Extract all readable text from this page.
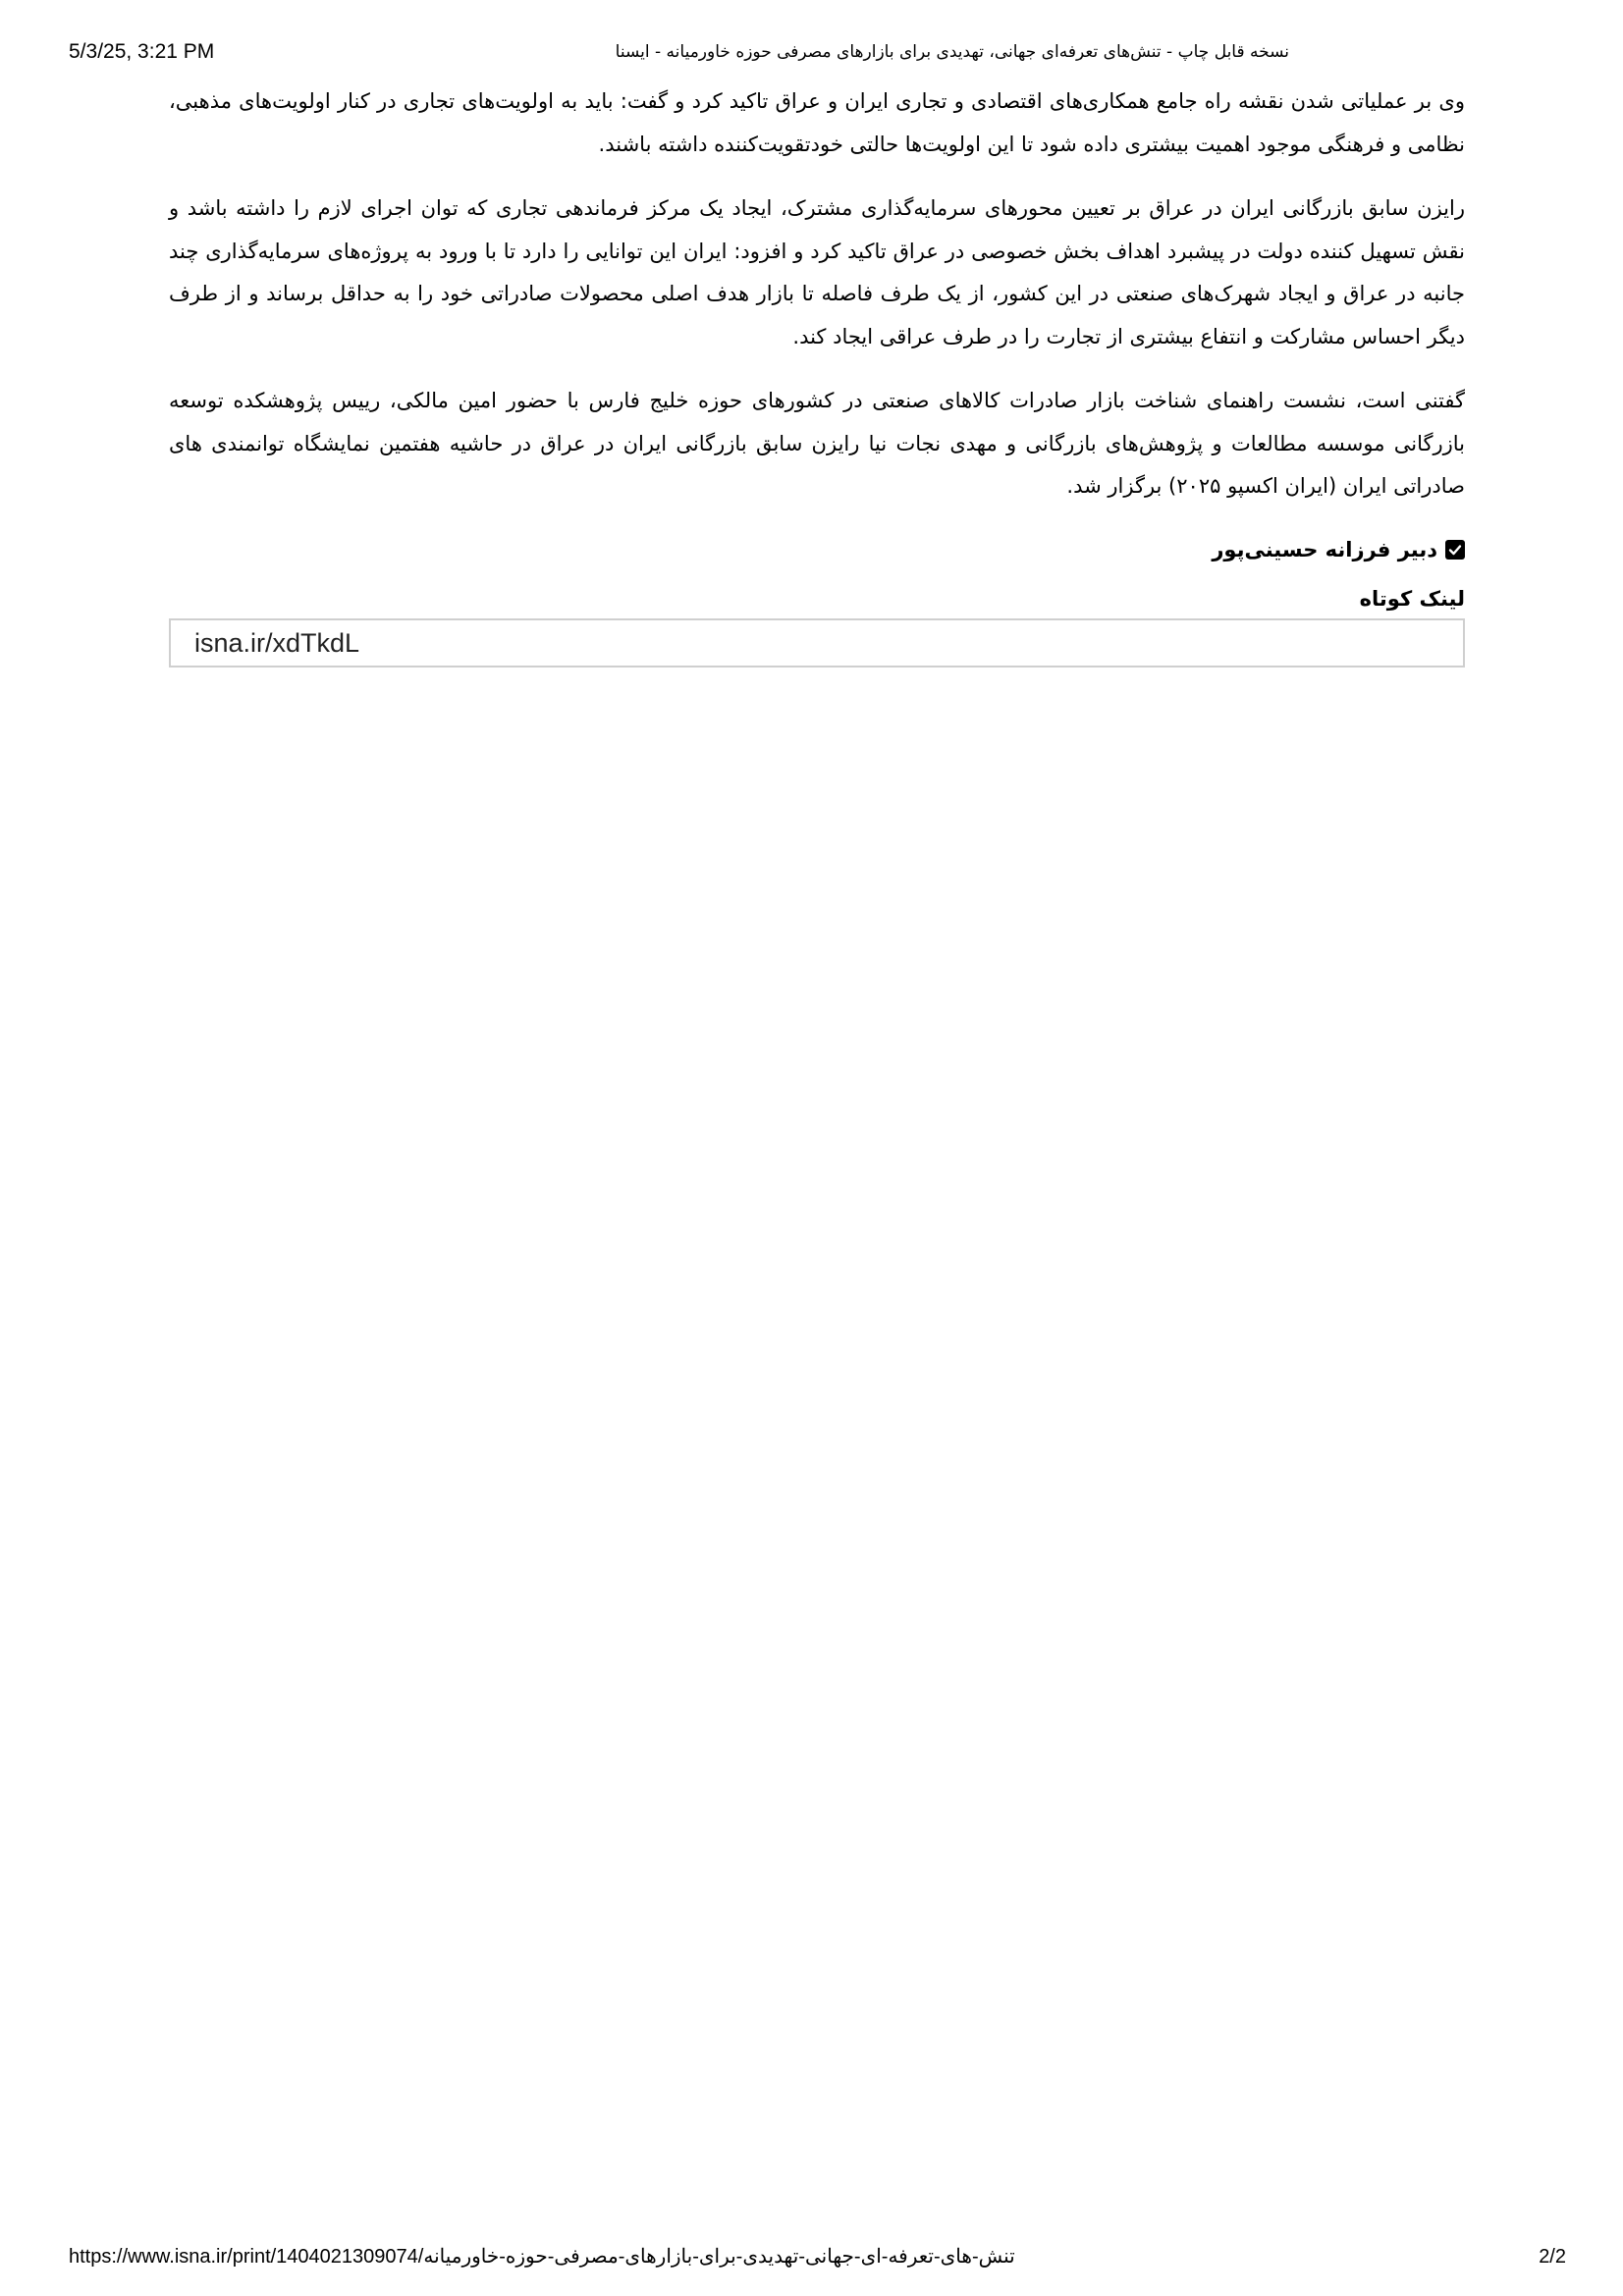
5/3/25, 3:21 PM	نسخه قابل چاپ - تنش‌های تعرفه‌ای جهانی، تهدیدی برای بازارهای مصرفی حوزه خاورمیانه - ایسنا

وی بر عملیاتی شدن نقشه راه جامع همکاری‌های اقتصادی و تجاری ایران و عراق تاکید کرد و گفت: باید به اولویت‌های تجاری در کنار اولویت‌های مذهبی، نظامی و فرهنگی موجود اهمیت بیشتری داده شود تا این اولویت‌ها حالتی خودتقویت‌کننده داشته باشند.

رایزن سابق بازرگانی ایران در عراق بر تعیین محورهای سرمایه‌گذاری مشترک، ایجاد یک مرکز فرماندهی تجاری که توان اجرای لازم را داشته باشد و نقش تسهیل کننده دولت در پیشبرد اهداف بخش خصوصی در عراق تاکید کرد و افزود: ایران این توانایی را دارد تا با ورود به پروژه‌های سرمایه‌گذاری چند جانبه در عراق و ایجاد شهرک‌های صنعتی در این کشور، از یک طرف فاصله تا بازار هدف اصلی محصولات صادراتی خود را به حداقل برساند و از طرف دیگر احساس مشارکت و انتفاع بیشتری از تجارت را در طرف عراقی ایجاد کند.

گفتنی است، نشست راهنمای شناخت بازار صادرات کالاهای صنعتی در کشورهای حوزه خلیج فارس با حضور امین مالکی، رییس پژوهشکده توسعه بازرگانی موسسه مطالعات و پژوهش‌های بازرگانی و مهدی نجات نیا رایزن سابق بازرگانی ایران در عراق در حاشیه هفتمین نمایشگاه توانمندی های صادراتی ایران (ایران اکسپو ۲۰۲۵) برگزار شد.

دبیر فرزانه حسینی‌پور
لینک کوتاه
isna.ir/xdTkdL
https://www.isna.ir/print/1404021309074/تنش-های-تعرفه-ای-جهانی-تهدیدی-برای-بازارهای-مصرفی-حوزه-خاورمیانه	2/2
